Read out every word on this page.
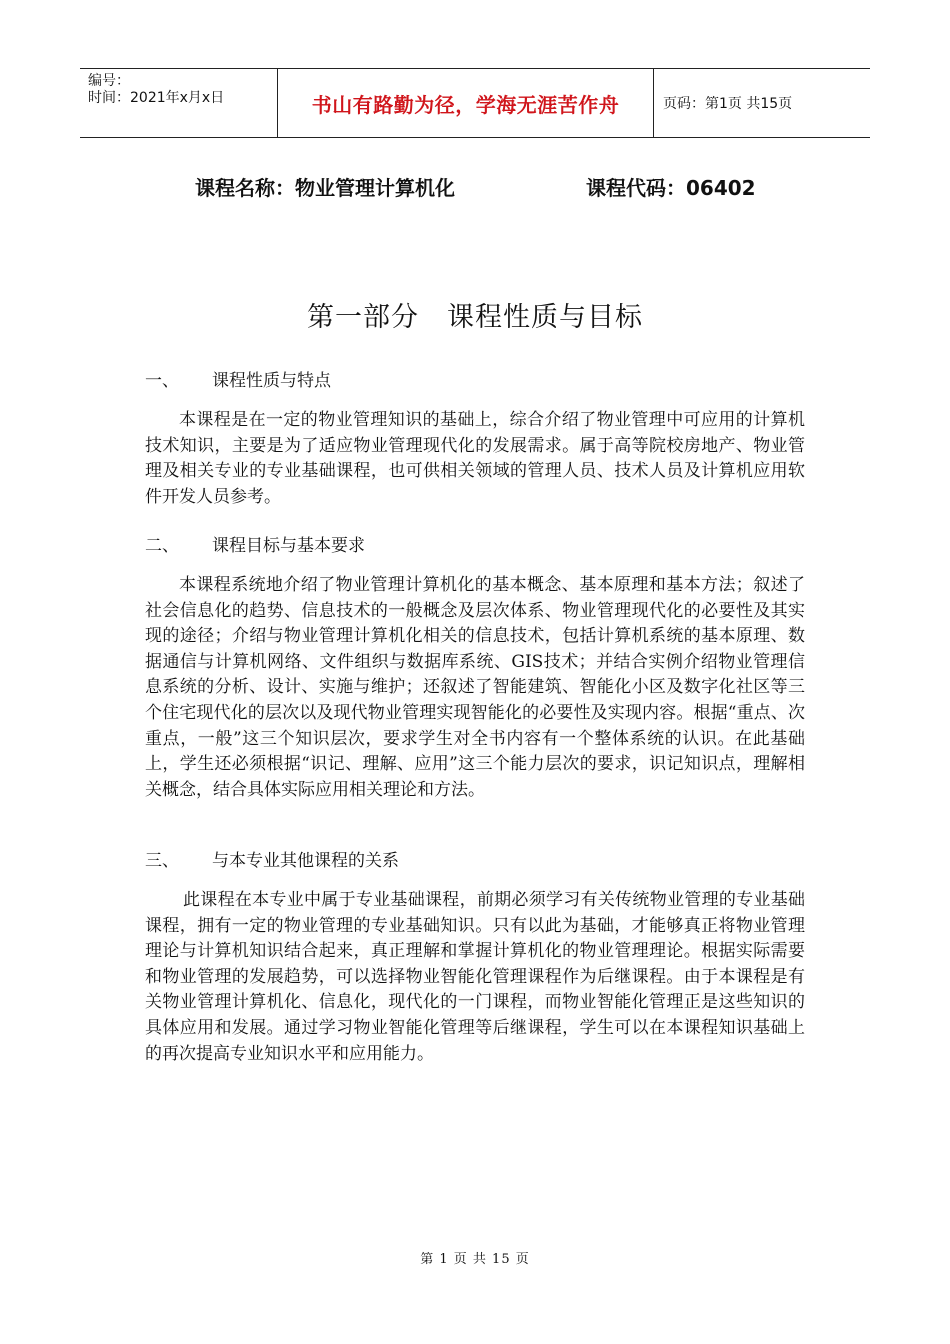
编号：
时间：2021年x月x日	书山有路勤为径，学海无涯苦作舟	页码：第1页 共15页
课程名称：物业管理计算机化	课程代码：06402
第一部分　课程性质与目标
一、 课程性质与特点
本课程是在一定的物业管理知识的基础上，综合介绍了物业管理中可应用的计算机技术知识，主要是为了适应物业管理现代化的发展需求。属于高等院校房地产、物业管理及相关专业的专业基础课程，也可供相关领域的管理人员、技术人员及计算机应用软件开发人员参考。
二、 课程目标与基本要求
本课程系统地介绍了物业管理计算机化的基本概念、基本原理和基本方法；叙述了社会信息化的趋势、信息技术的一般概念及层次体系、物业管理现代化的必要性及其实现的途径；介绍与物业管理计算机化相关的信息技术，包括计算机系统的基本原理、数据通信与计算机网络、文件组织与数据库系统、GIS技术；并结合实例介绍物业管理信息系统的分析、设计、实施与维护；还叙述了智能建筑、智能化小区及数字化社区等三个住宅现代化的层次以及现代物业管理实现智能化的必要性及实现内容。根据“重点、次重点，一般”这三个知识层次，要求学生对全书内容有一个整体系统的认识。在此基础上，学生还必须根据“识记、理解、应用”这三个能力层次的要求，识记知识点，理解相关概念，结合具体实际应用相关理论和方法。
三、 与本专业其他课程的关系
此课程在本专业中属于专业基础课程，前期必须学习有关传统物业管理的专业基础课程，拥有一定的物业管理的专业基础知识。只有以此为基础，才能够真正将物业管理理论与计算机知识结合起来，真正理解和掌握计算机化的物业管理理论。根据实际需要和物业管理的发展趋势，可以选择物业智能化管理课程作为后继课程。由于本课程是有关物业管理计算机化、信息化，现代化的一门课程，而物业智能化管理正是这些知识的具体应用和发展。通过学习物业智能化管理等后继课程，学生可以在本课程知识基础上的再次提高专业知识水平和应用能力。
第 1 页 共 15 页
